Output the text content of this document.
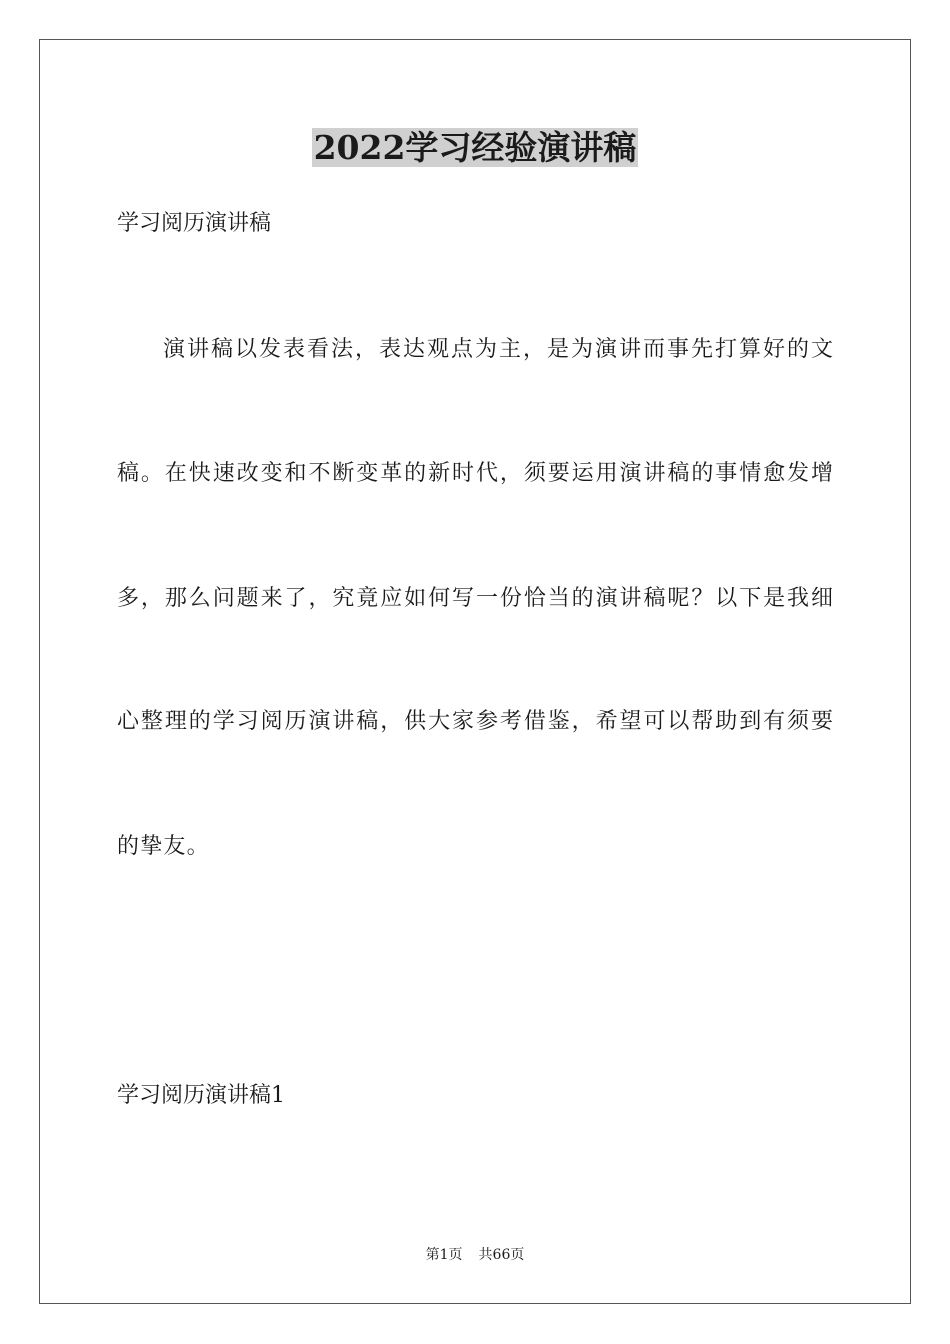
2022学习经验演讲稿
学习阅历演讲稿
演讲稿以发表看法，表达观点为主，是为演讲而事先打算好的文
稿。在快速改变和不断变革的新时代，须要运用演讲稿的事情愈发增
多，那么问题来了，究竟应如何写一份恰当的演讲稿呢？以下是我细
心整理的学习阅历演讲稿，供大家参考借鉴，希望可以帮助到有须要
的挚友。
学习阅历演讲稿1
第1页 共66页
